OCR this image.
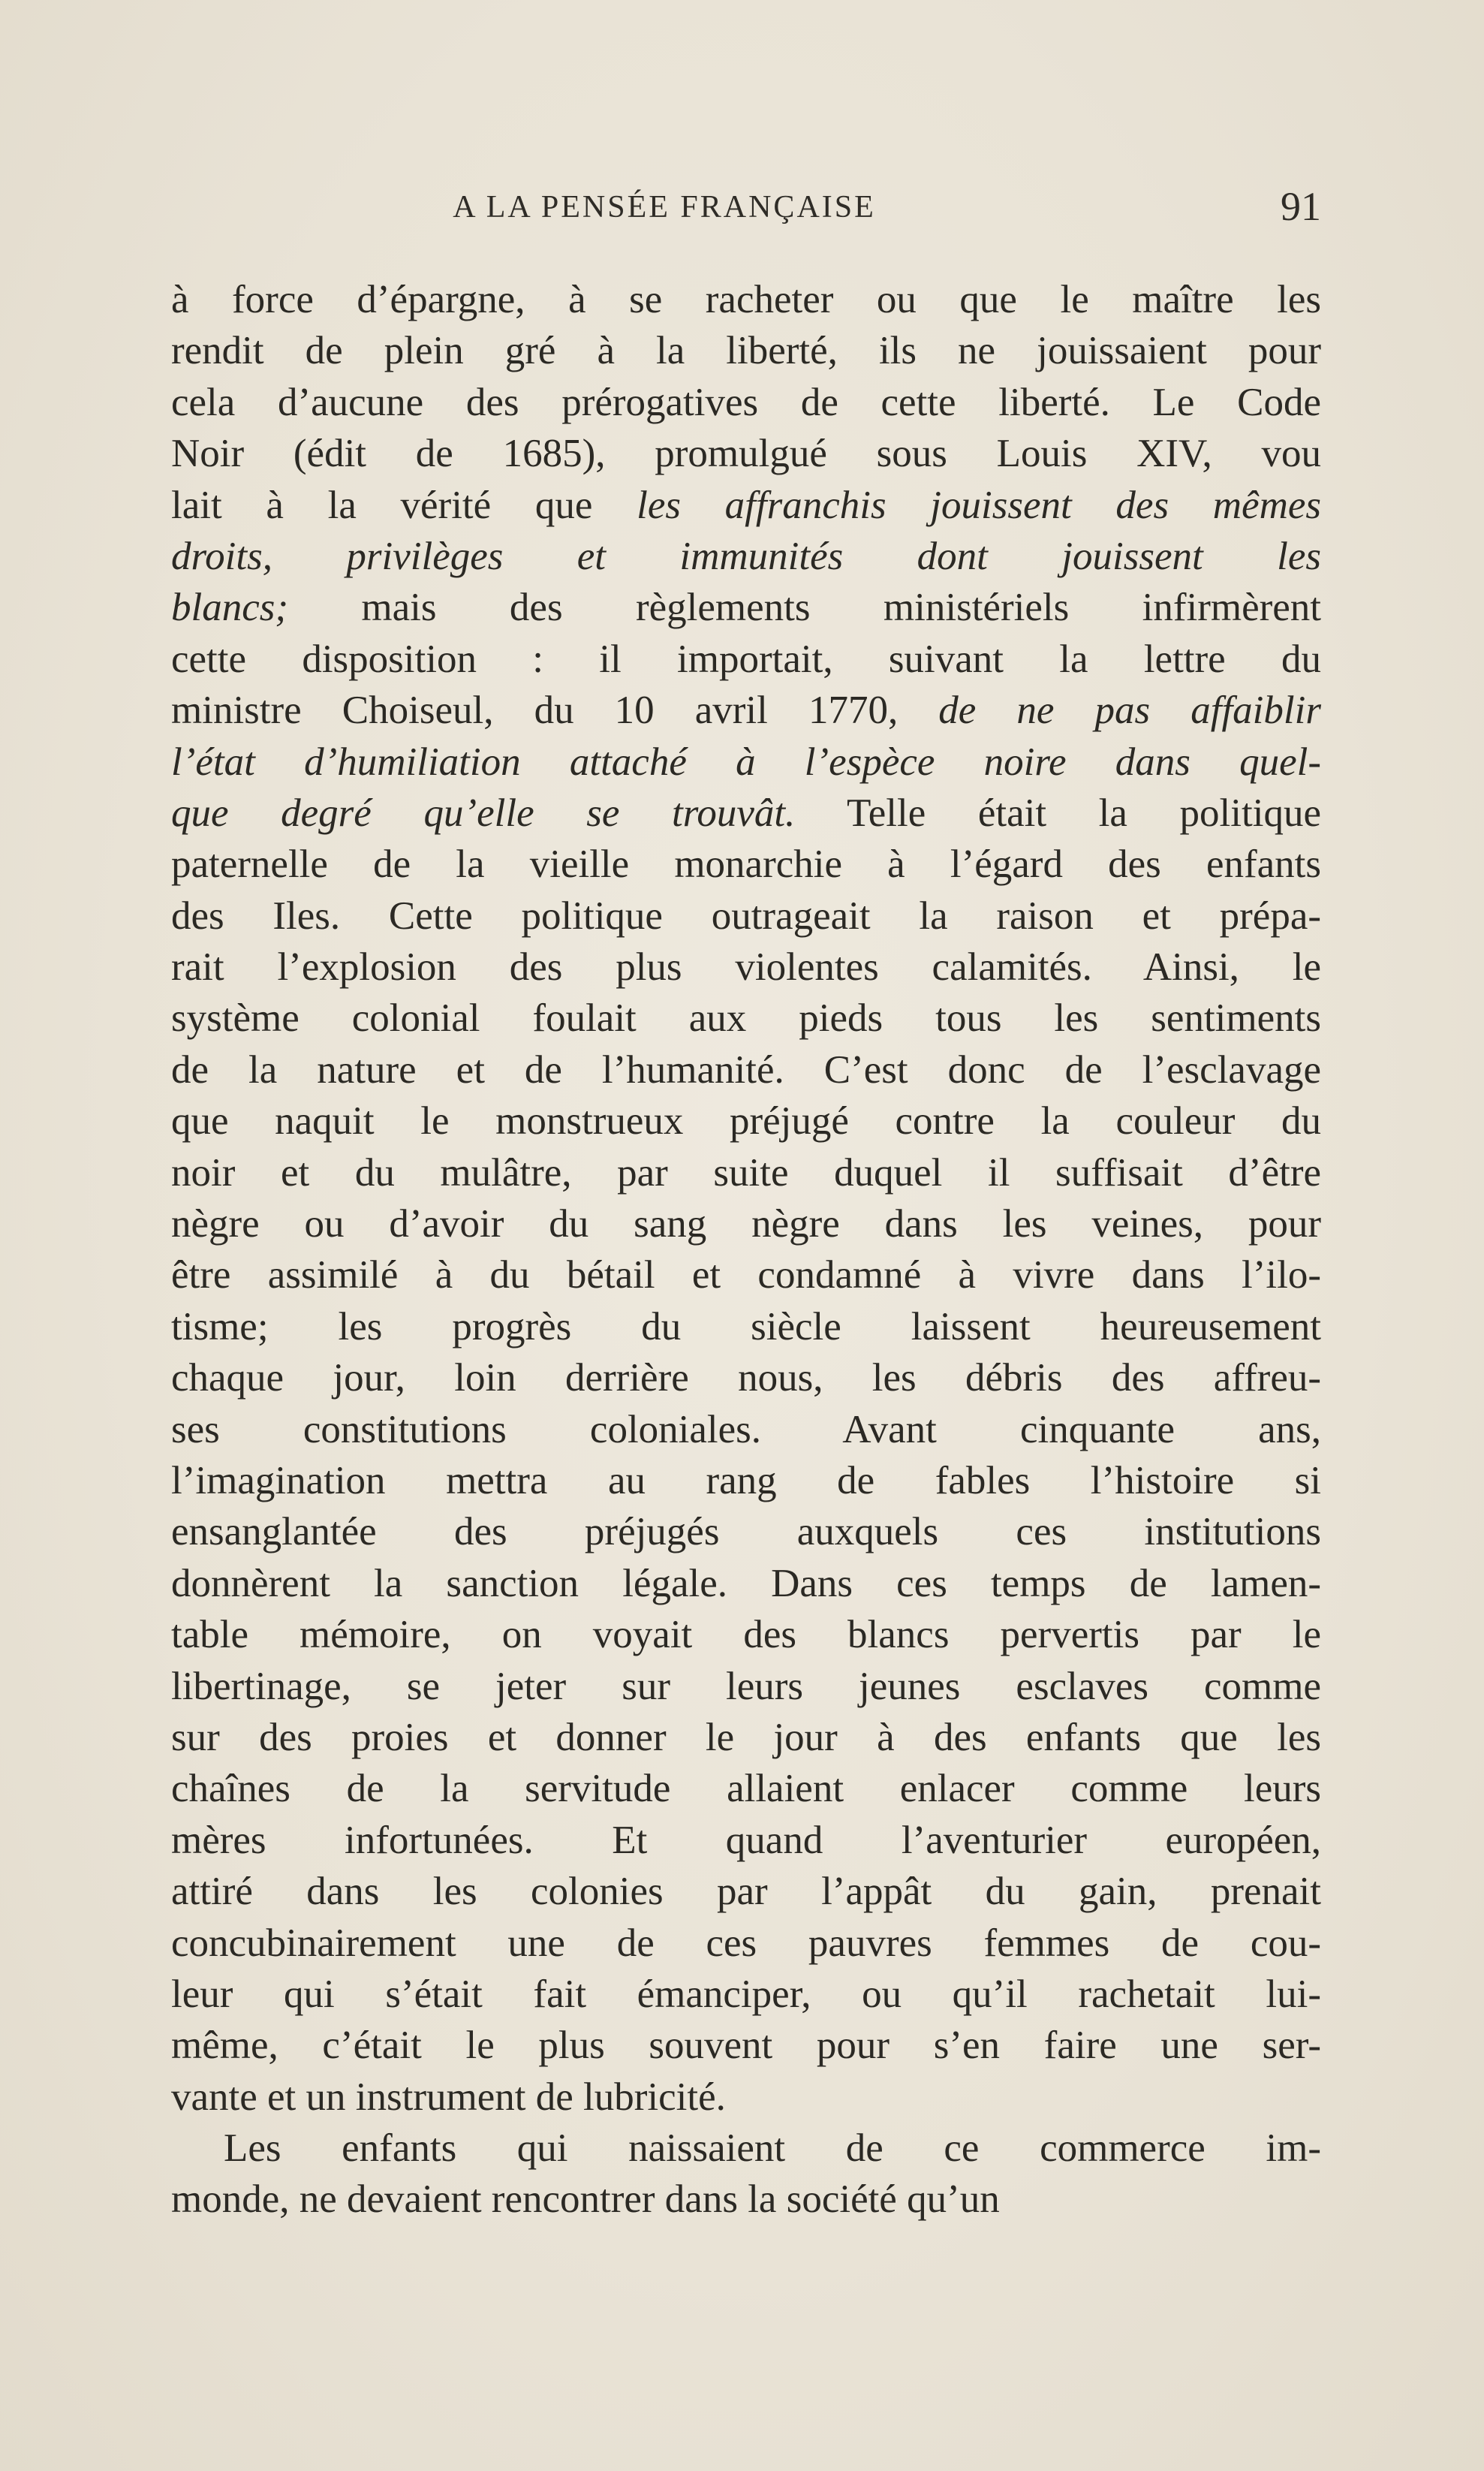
A LA PENSÉE FRANÇAISE	91
à force d’épargne, à se racheter ou que le maître les
rendit de plein gré à la liberté, ils ne jouissaient pour
cela d’aucune des prérogatives de cette liberté. Le Code
Noir (édit de 1685), promulgué sous Louis XIV, vou
lait à la vérité que les affranchis jouissent des mêmes
droits, privilèges et immunités dont jouissent les
blancs; mais des règlements ministériels infirmèrent
cette disposition : il importait, suivant la lettre du
ministre Choiseul, du 10 avril 1770, de ne pas affaiblir
l’état d’humiliation attaché à l’espèce noire dans quel-
que degré qu’elle se trouvât. Telle était la politique
paternelle de la vieille monarchie à l’égard des enfants
des Iles. Cette politique outrageait la raison et prépa-
rait l’explosion des plus violentes calamités. Ainsi, le
système colonial foulait aux pieds tous les sentiments
de la nature et de l’humanité. C’est donc de l’esclavage
que naquit le monstrueux préjugé contre la couleur du
noir et du mulâtre, par suite duquel il suffisait d’être
nègre ou d’avoir du sang nègre dans les veines, pour
être assimilé à du bétail et condamné à vivre dans l’ilo-
tisme; les progrès du siècle laissent heureusement
chaque jour, loin derrière nous, les débris des affreu-
ses constitutions coloniales. Avant cinquante ans,
l’imagination mettra au rang de fables l’histoire si
ensanglantée des préjugés auxquels ces institutions
donnèrent la sanction légale. Dans ces temps de lamen-
table mémoire, on voyait des blancs pervertis par le
libertinage, se jeter sur leurs jeunes esclaves comme
sur des proies et donner le jour à des enfants que les
chaînes de la servitude allaient enlacer comme leurs
mères infortunées. Et quand l’aventurier européen,
attiré dans les colonies par l’appât du gain, prenait
concubinairement une de ces pauvres femmes de cou-
leur qui s’était fait émanciper, ou qu’il rachetait lui-
même, c’était le plus souvent pour s’en faire une ser-
vante et un instrument de lubricité.
Les enfants qui naissaient de ce commerce im-
monde, ne devaient rencontrer dans la société qu’un
